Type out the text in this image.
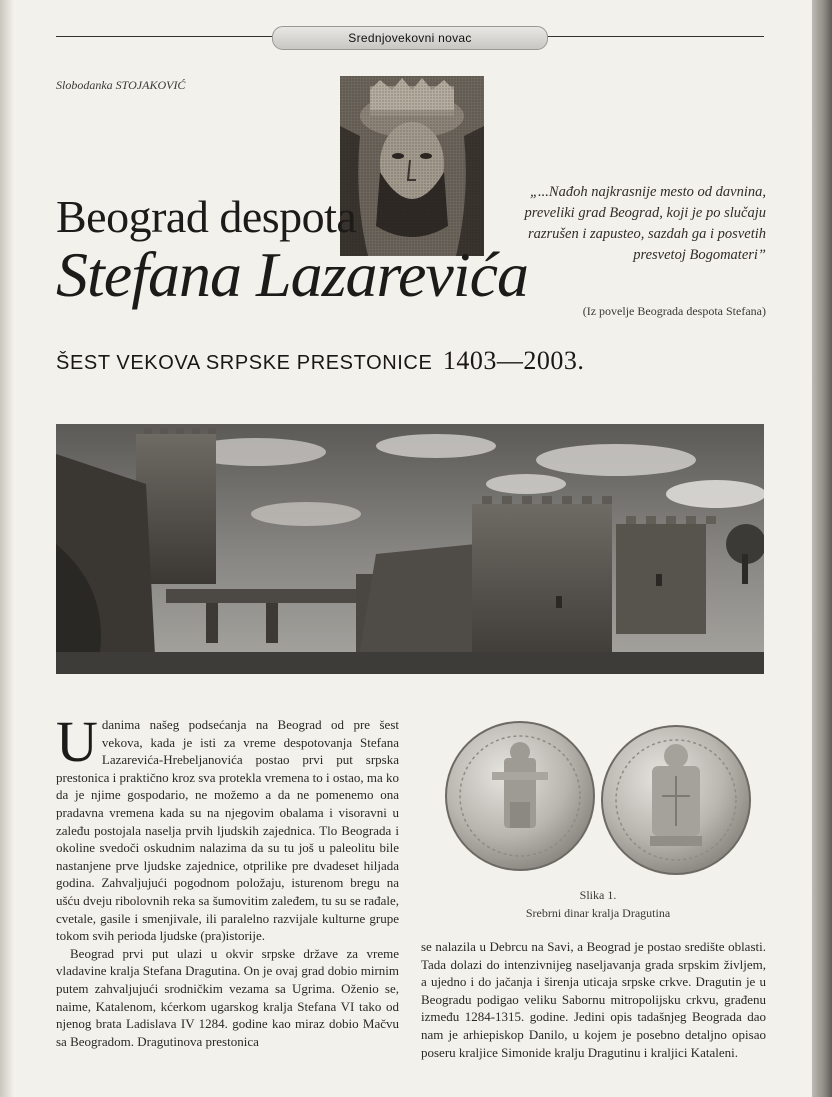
Srednjovekovni novac
Slobodanka STOJAKOVIĆ
Beograd despota
Stefana Lazarevića
„...Nađoh najkrasnije mesto od davnina, preveliki grad Beograd, koji je po slučaju razrušen i zapusteo, sazdah ga i posvetih presvetoj Bogomateri”
(Iz povelje Beograda despota Stefana)
ŠEST VEKOVA SRPSKE PRESTONICE 1403—2003.

Udanima našeg podsećanja na Beograd od pre šest vekova, kada je isti za vreme despotovanja Stefana Lazarevića-Hrebeljanovića postao prvi put srpska prestonica i praktično kroz sva protekla vremena to i ostao, ma ko da je njime gospodario, ne možemo a da ne pomenemo ona pradavna vremena kada su na njegovim obalama i visoravni u zaleđu postojala naselja prvih ljudskih zajednica. Tlo Beograda i okoline svedoči oskudnim nalazima da su tu još u paleolitu bile nastanjene prve ljudske zajednice, otprilike pre dvadeset hiljada godina. Zahvaljujući pogodnom položaju, isturenom bregu na ušću dveju ribolovnih reka sa šumovitim zaleđem, tu su se rađale, cvetale, gasile i smenjivale, ili paralelno razvijale kulturne grupe tokom svih perioda ljudske (pra)istorije.

Beograd prvi put ulazi u okvir srpske države za vreme vladavine kralja Stefana Dragutina. On je ovaj grad dobio mirnim putem zahvaljujući srodničkim vezama sa Ugrima. Oženio se, naime, Katalenom, kćerkom ugarskog kralja Stefana VI tako od njenog brata Ladislava IV 1284. godine kao miraz dobio Mačvu sa Beogradom. Dragutinova prestonica

Slika 1.
Srebrni dinar kralja Dragutina

se nalazila u Debrcu na Savi, a Beograd je postao središte oblasti. Tada dolazi do intenzivnijeg naseljavanja grada srpskim življem, a ujedno i do jačanja i širenja uticaja srpske crkve. Dragutin je u Beogradu podigao veliku Sabornu mitropolijsku crkvu, građenu između 1284-1315. godine. Jedini opis tadašnjeg Beograda dao nam je arhiepiskop Danilo, u kojem je posebno detaljno opisao poseru kraljice Simonide kralju Dragutinu i kraljici Kataleni.
